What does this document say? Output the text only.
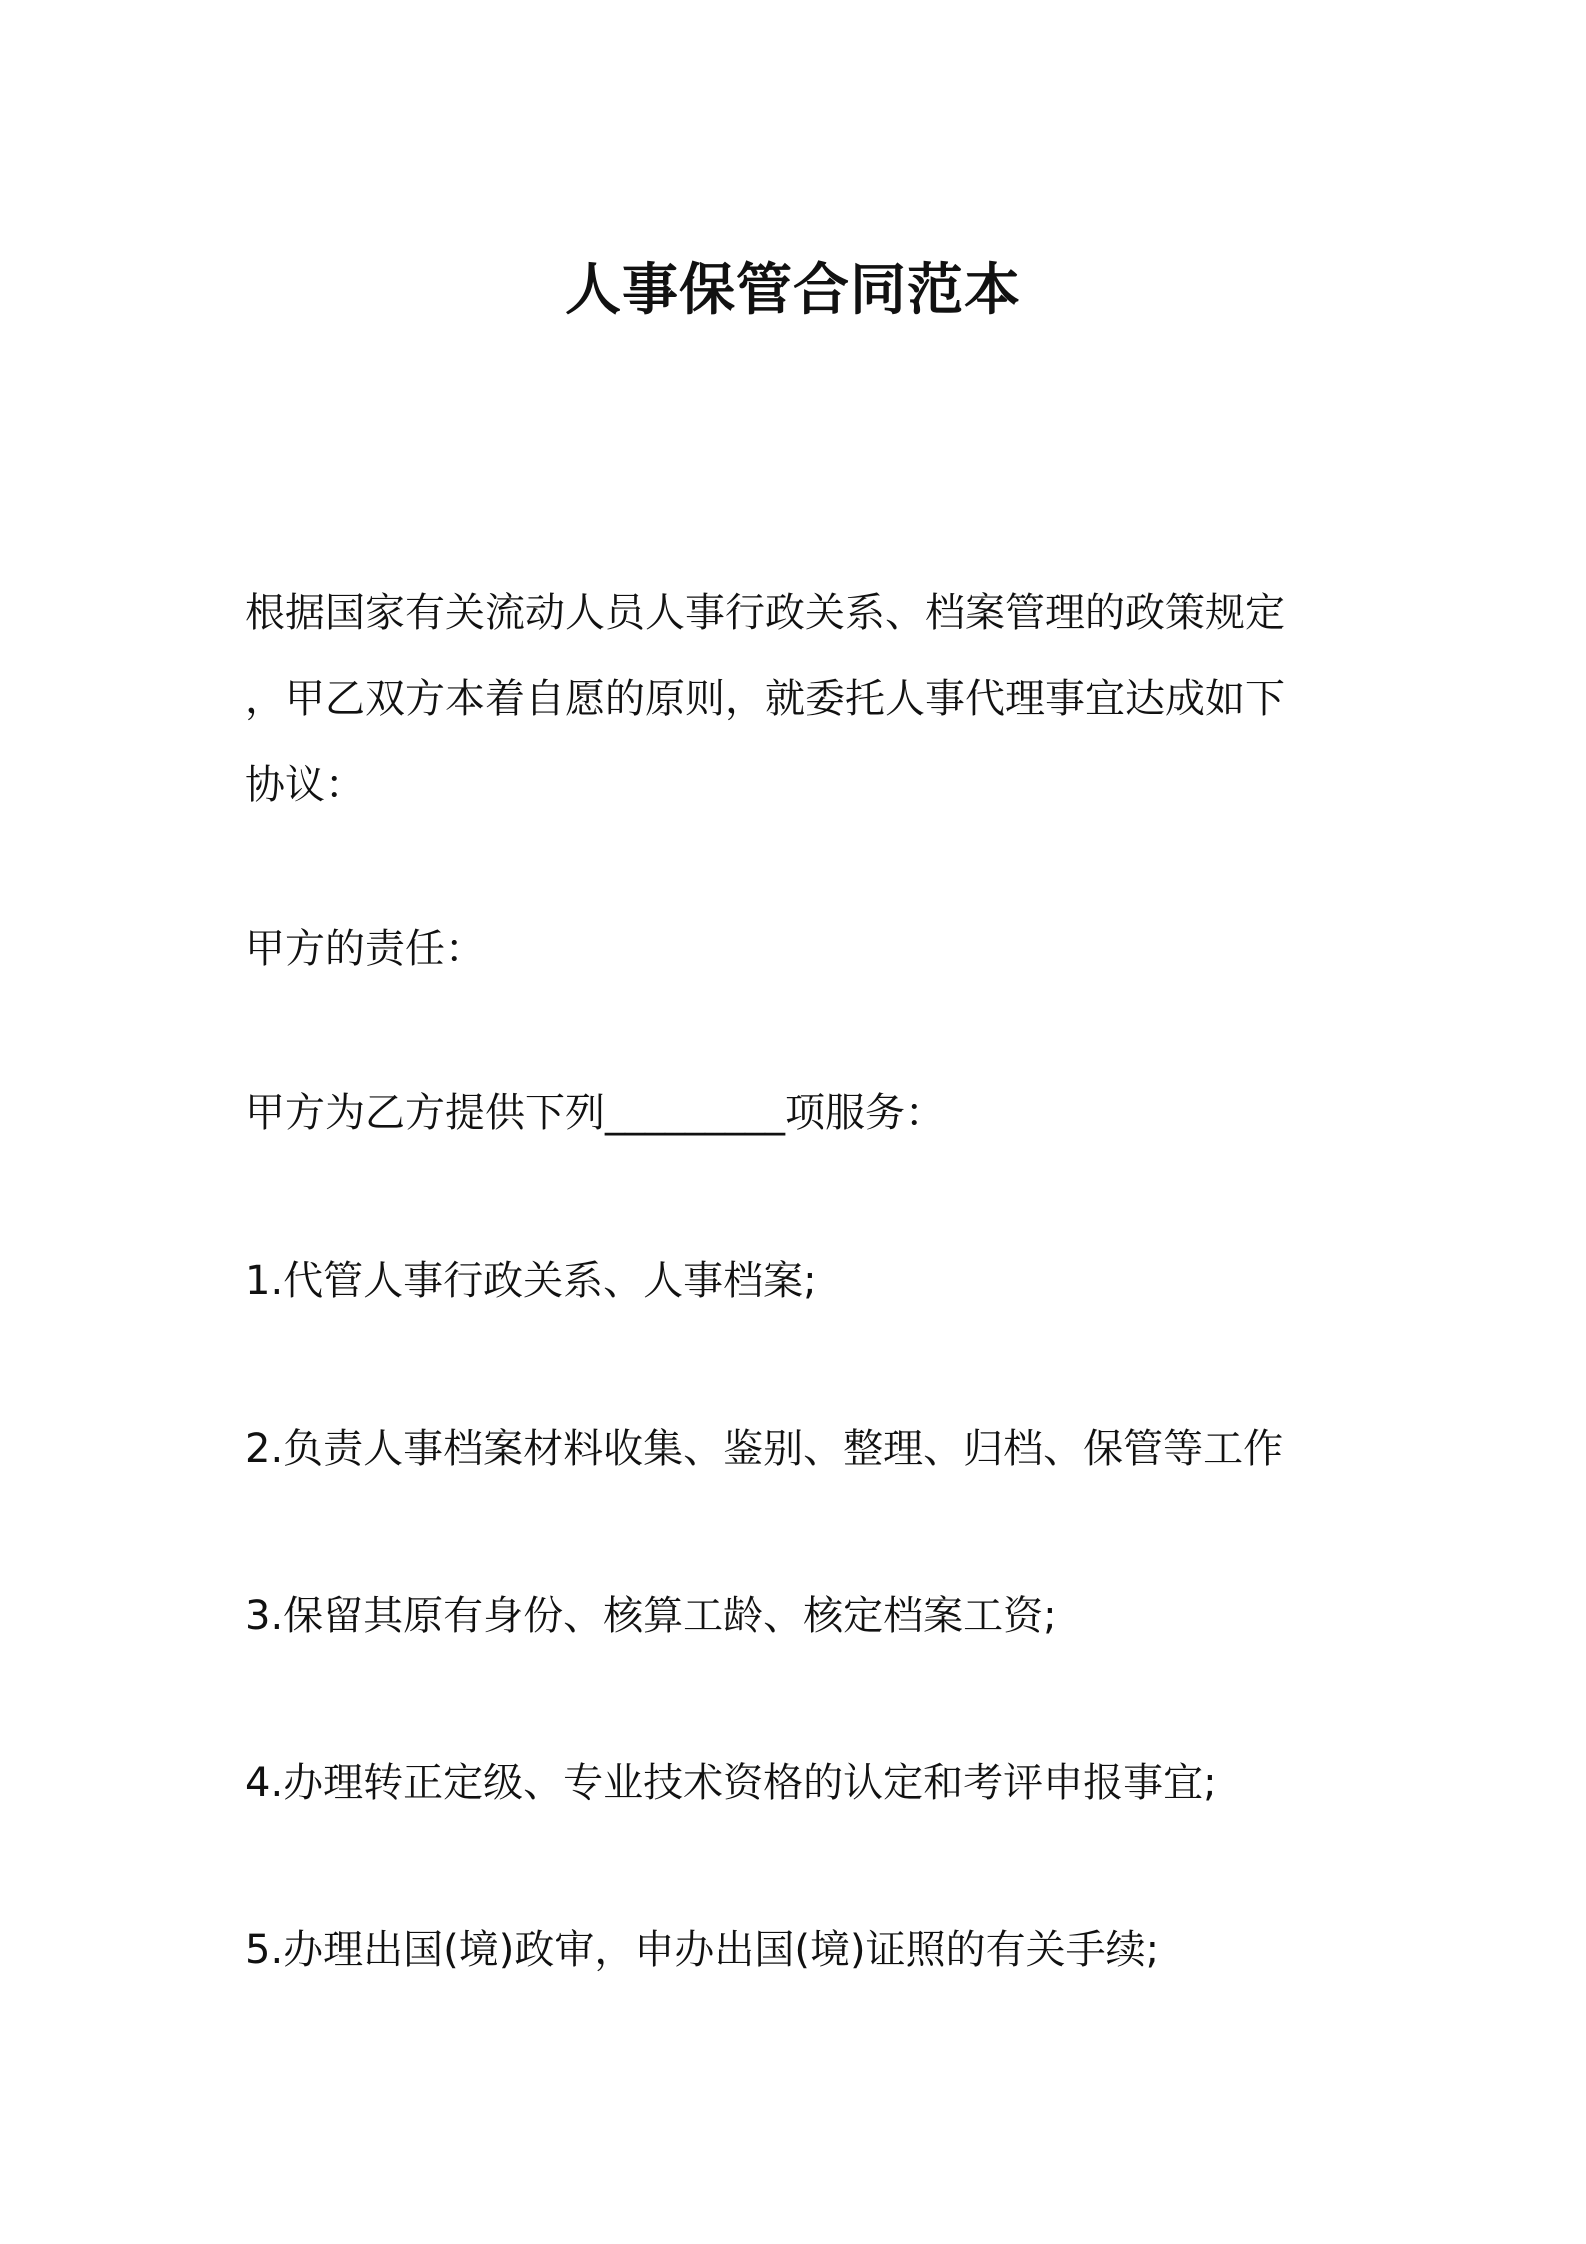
人事保管合同范本
根据国家有关流动人员人事行政关系、档案管理的政策规定
，甲乙双方本着自愿的原则，就委托人事代理事宜达成如下
协议：
甲方的责任：
甲方为乙方提供下列_________项服务：
1.代管人事行政关系、人事档案;
2.负责人事档案材料收集、鉴别、整理、归档、保管等工作
3.保留其原有身份、核算工龄、核定档案工资;
4.办理转正定级、专业技术资格的认定和考评申报事宜;
5.办理出国(境)政审，申办出国(境)证照的有关手续;
